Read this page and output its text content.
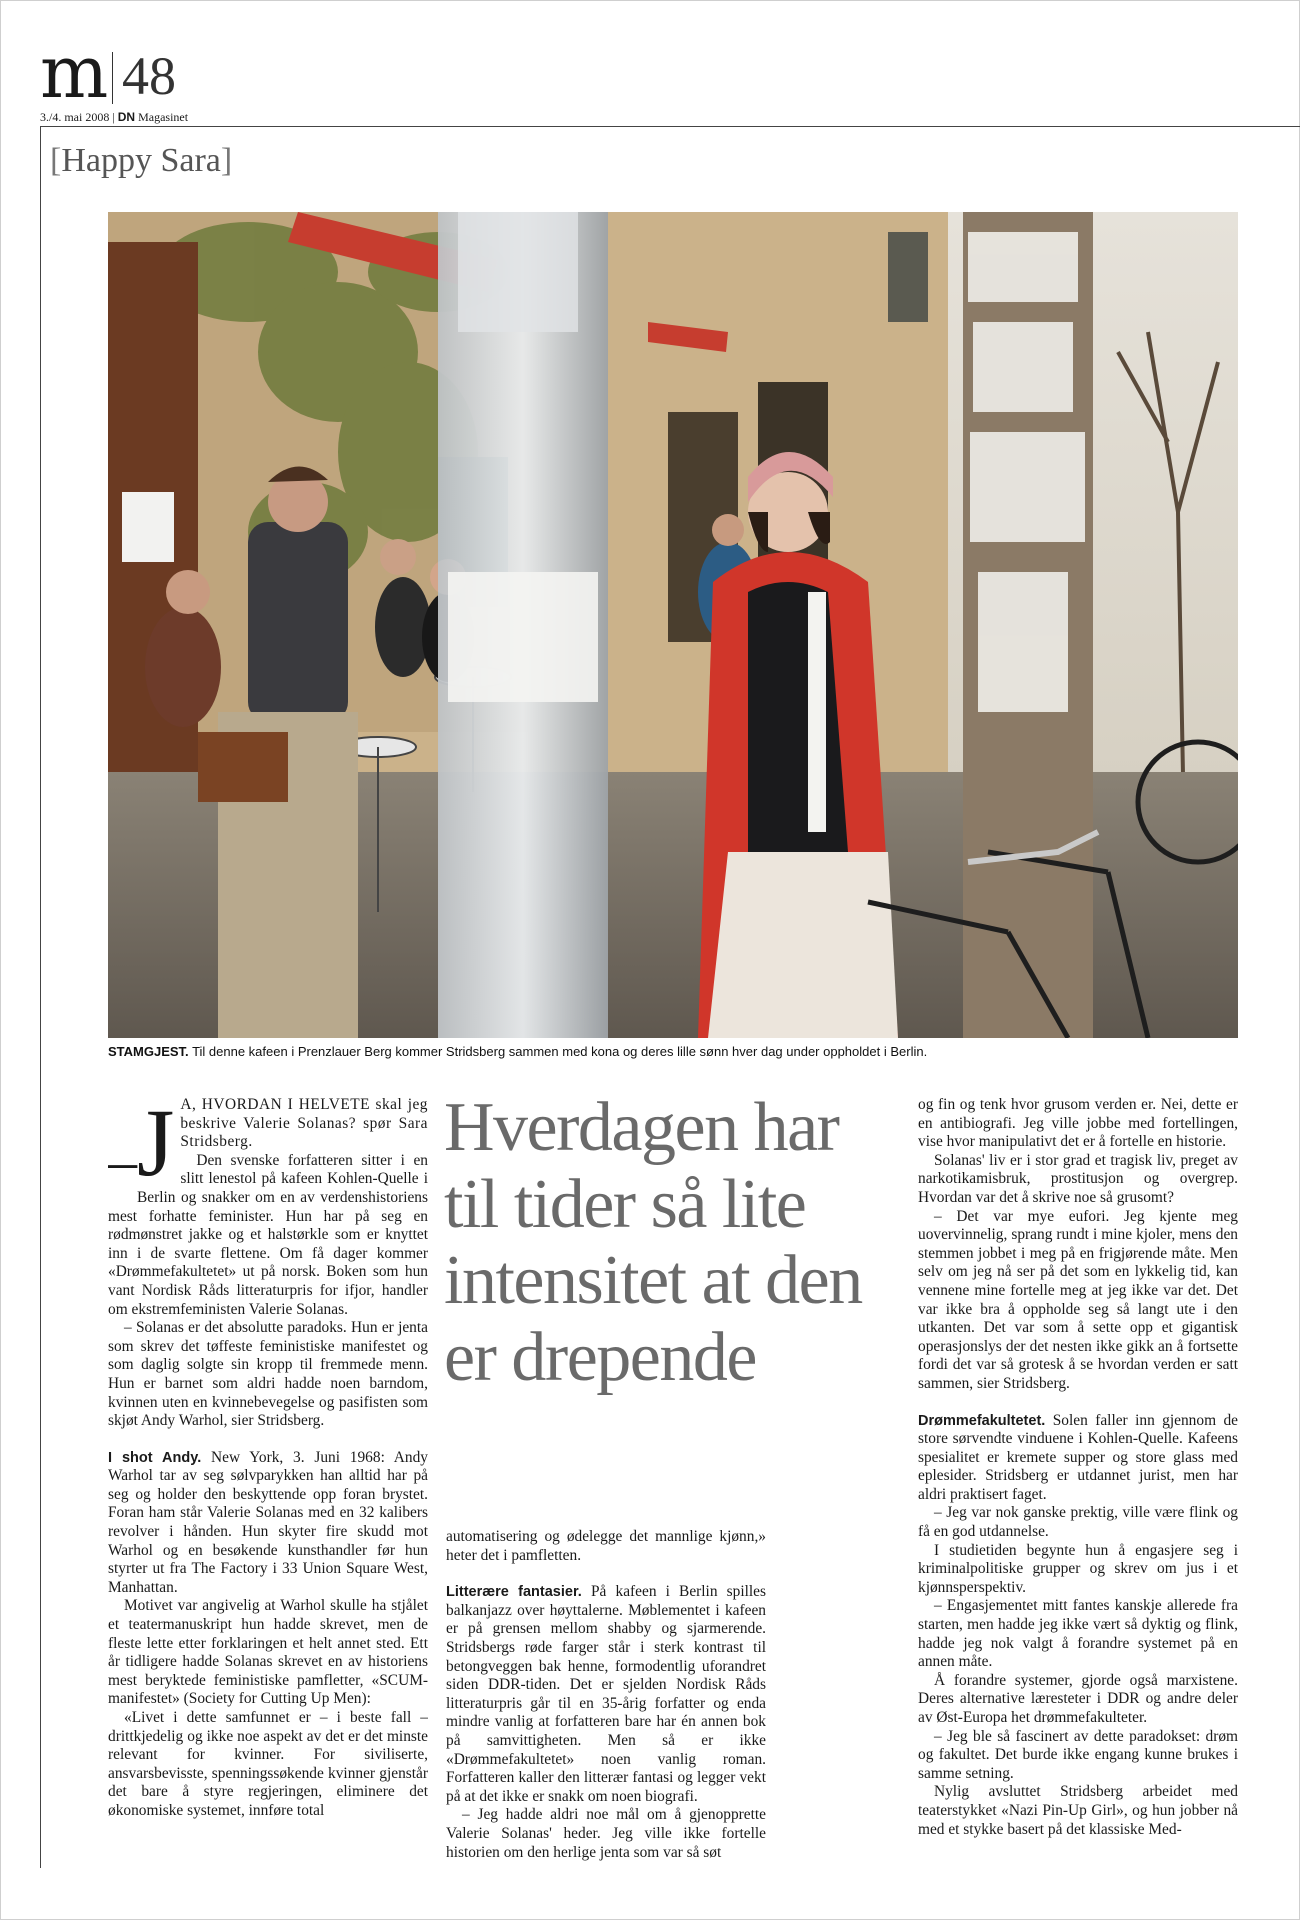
m 48
3./4. mai 2008 | DN Magasinet
[Happy Sara]
STAMGJEST. Til denne kafeen i Prenzlauer Berg kommer Stridsberg sammen med kona og deres lille sønn hver dag under oppholdet i Berlin.
Hverdagen har til tider så lite intensitet at den er drepende
– J A, HVORDAN I HELVETE skal jeg beskrive Valerie Solanas? spør Sara Stridsberg.

Den svenske forfatteren sitter i en slitt lenestol på kafeen Kohlen-Quelle i Berlin og snakker om en av verdenshistoriens mest forhatte feminister. Hun har på seg en rødmønstret jakke og et halstørkle som er knyttet inn i de svarte flettene. Om få dager kommer «Drømmefakultetet» ut på norsk. Boken som hun vant Nordisk Råds litteraturpris for ifjor, handler om ekstremfeministen Valerie Solanas.

– Solanas er det absolutte paradoks. Hun er jenta som skrev det tøffeste feministiske manifestet og som daglig solgte sin kropp til fremmede menn. Hun er barnet som aldri hadde noen barndom, kvinnen uten en kvinnebevegelse og pasifisten som skjøt Andy Warhol, sier Stridsberg.

I shot Andy. New York, 3. Juni 1968: Andy Warhol tar av seg sølvparykken han alltid har på seg og holder den beskyttende opp foran brystet. Foran ham står Valerie Solanas med en 32 kalibers revolver i hånden. Hun skyter fire skudd mot Warhol og en besøkende kunsthandler før hun styrter ut fra The Factory i 33 Union Square West, Manhattan.

Motivet var angivelig at Warhol skulle ha stjålet et teatermanuskript hun hadde skrevet, men de fleste lette etter forklaringen et helt annet sted. Ett år tidligere hadde Solanas skrevet en av historiens mest beryktede feministiske pamfletter, «SCUM-manifestet» (Society for Cutting Up Men):

«Livet i dette samfunnet er – i beste fall – drittkjedelig og ikke noe aspekt av det er det minste relevant for kvinner. For siviliserte, ansvarsbevisste, spenningssøkende kvinner gjenstår det bare å styre regjeringen, eliminere det økonomiske systemet, innføre total

automatisering og ødelegge det mannlige kjønn,» heter det i pamfletten.

Litterære fantasier. På kafeen i Berlin spilles balkanjazz over høyttalerne. Møblementet i kafeen er på grensen mellom shabby og sjarmerende. Stridsbergs røde farger står i sterk kontrast til betongveggen bak henne, formodentlig uforandret siden DDR-tiden. Det er sjelden Nordisk Råds litteraturpris går til en 35-årig forfatter og enda mindre vanlig at forfatteren bare har én annen bok på samvittigheten. Men så er ikke «Drømmefakultetet» noen vanlig roman. Forfatteren kaller den litterær fantasi og legger vekt på at det ikke er snakk om noen biografi.

– Jeg hadde aldri noe mål om å gjenopprette Valerie Solanas' heder. Jeg ville ikke fortelle historien om den herlige jenta som var så søt

og fin og tenk hvor grusom verden er. Nei, dette er en antibiografi. Jeg ville jobbe med fortellingen, vise hvor manipulativt det er å fortelle en historie.

Solanas' liv er i stor grad et tragisk liv, preget av narkotikamisbruk, prostitusjon og overgrep. Hvordan var det å skrive noe så grusomt?

– Det var mye eufori. Jeg kjente meg uovervinnelig, sprang rundt i mine kjoler, mens den stemmen jobbet i meg på en frigjørende måte. Men selv om jeg nå ser på det som en lykkelig tid, kan vennene mine fortelle meg at jeg ikke var det. Det var ikke bra å oppholde seg så langt ute i den utkanten. Det var som å sette opp et gigantisk operasjonslys der det nesten ikke gikk an å fortsette fordi det var så grotesk å se hvordan verden er satt sammen, sier Stridsberg.

Drømmefakultetet. Solen faller inn gjennom de store sørvendte vinduene i Kohlen-Quelle. Kafeens spesialitet er kremete supper og store glass med eplesider. Stridsberg er utdannet jurist, men har aldri praktisert faget.

– Jeg var nok ganske prektig, ville være flink og få en god utdannelse.

I studietiden begynte hun å engasjere seg i kriminalpolitiske grupper og skrev om jus i et kjønnsperspektiv.

– Engasjementet mitt fantes kanskje allerede fra starten, men hadde jeg ikke vært så dyktig og flink, hadde jeg nok valgt å forandre systemet på en annen måte.

Å forandre systemer, gjorde også marxistene. Deres alternative læresteter i DDR og andre deler av Øst-Europa het drømmefakulteter.

– Jeg ble så fascinert av dette paradokset: drøm og fakultet. Det burde ikke engang kunne brukes i samme setning.

Nylig avsluttet Stridsberg arbeidet med teaterstykket «Nazi Pin-Up Girl», og hun jobber nå med et stykke basert på det klassiske Med-
